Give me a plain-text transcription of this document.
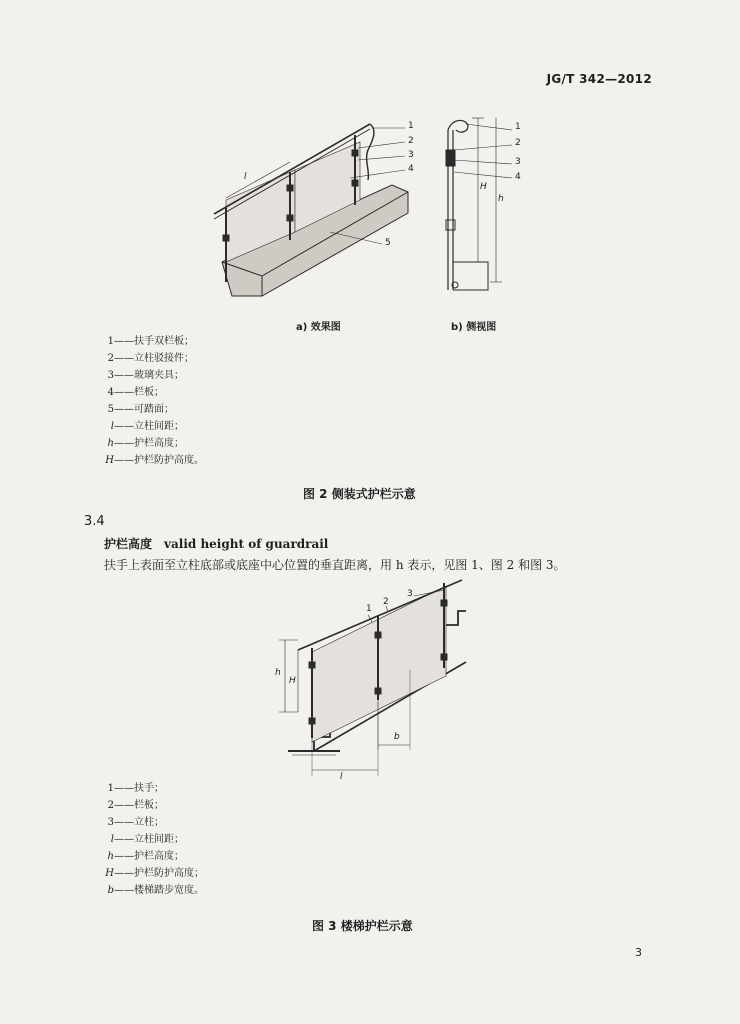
JG/T 342—2012
1
2
3
4
5
l
1
2
3
4
H
h
a) 效果图	b) 侧视图
1——扶手双栏板；
2——立柱驳接件；
3——玻璃夹具；
4——栏板；
5——可踏面；
l——立柱间距；
h——护栏高度；
H——护栏防护高度。
图 2 侧装式护栏示意
3.4
护栏高度 valid height of guardrail
扶手上表面至立柱底部或底座中心位置的垂直距离，用 h 表示，见图 1、图 2 和图 3。
1
2
3
h
H
b
l
1——扶手；
2——栏板；
3——立柱；
l——立柱间距；
h——护栏高度；
H——护栏防护高度；
b——楼梯踏步宽度。
图 3 楼梯护栏示意
3
